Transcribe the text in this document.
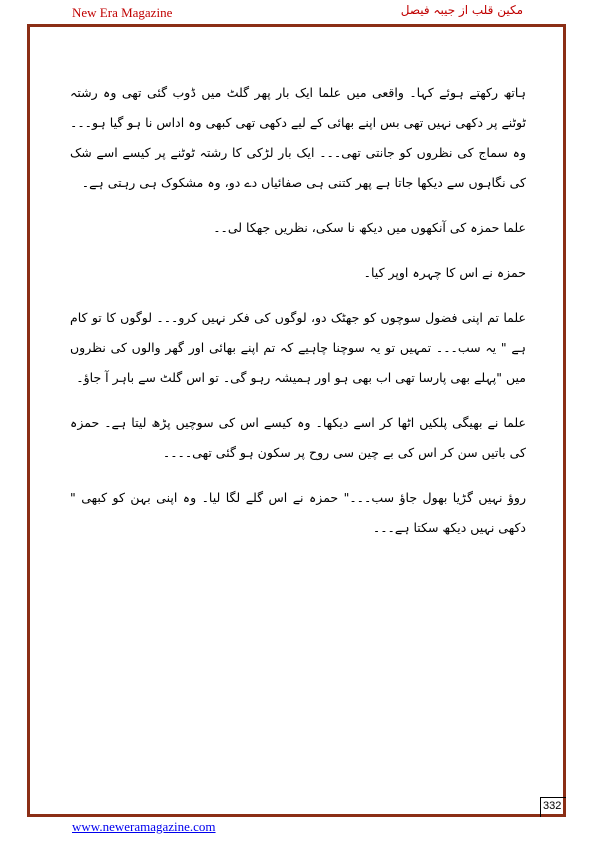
New Era Magazine	مکین قلب از جیبہ فیصل

ہاتھ رکھتے ہوئے کہا۔ واقعی میں علما ایک بار پھر گلٹ میں ڈوب گئی تھی وہ رشتہ ٹوٹنے پر دکھی نہیں تھی بس اپنے بھائی کے لیے دکھی تھی کبھی وہ اداس نا ہو گیا ہو۔۔۔ وہ سماج کی نظروں کو جانتی تھی۔۔۔ ایک بار لڑکی کا رشتہ ٹوٹنے پر کیسے اسے شک کی نگاہوں سے دیکھا جاتا ہے پھر کتنی ہی صفائیاں دے دو، وہ مشکوک ہی رہتی ہے۔

علما حمزہ کی آنکھوں میں دیکھ نا سکی، نظریں جھکا لی۔۔

حمزہ نے اس کا چہرہ اوپر کیا۔

علما تم اپنی فضول سوچوں کو جھٹک دو، لوگوں کی فکر نہیں کرو۔۔۔ لوگوں کا تو کام ہے " یہ سب۔۔۔ تمہیں تو یہ سوچنا چاہیے کہ تم اپنے بھائی اور گھر والوں کی نظروں میں "پہلے بھی پارسا تھی اب بھی ہو اور ہمیشہ رہو گی۔ تو اس گلٹ سے باہر آ جاؤ۔

علما نے بھیگی پلکیں اٹھا کر اسے دیکھا۔ وہ کیسے اس کی سوچیں پڑھ لیتا ہے۔ حمزہ کی باتیں سن کر اس کی بے چین سی روح پر سکون ہو گئی تھی۔۔۔۔

روؤ نہیں گڑیا بھول جاؤ سب۔۔۔" حمزہ نے اس گلے لگا لیا۔ وہ اپنی بہن کو کبھی " دکھی نہیں دیکھ سکتا ہے۔۔۔

332
www.neweramagazine.com
